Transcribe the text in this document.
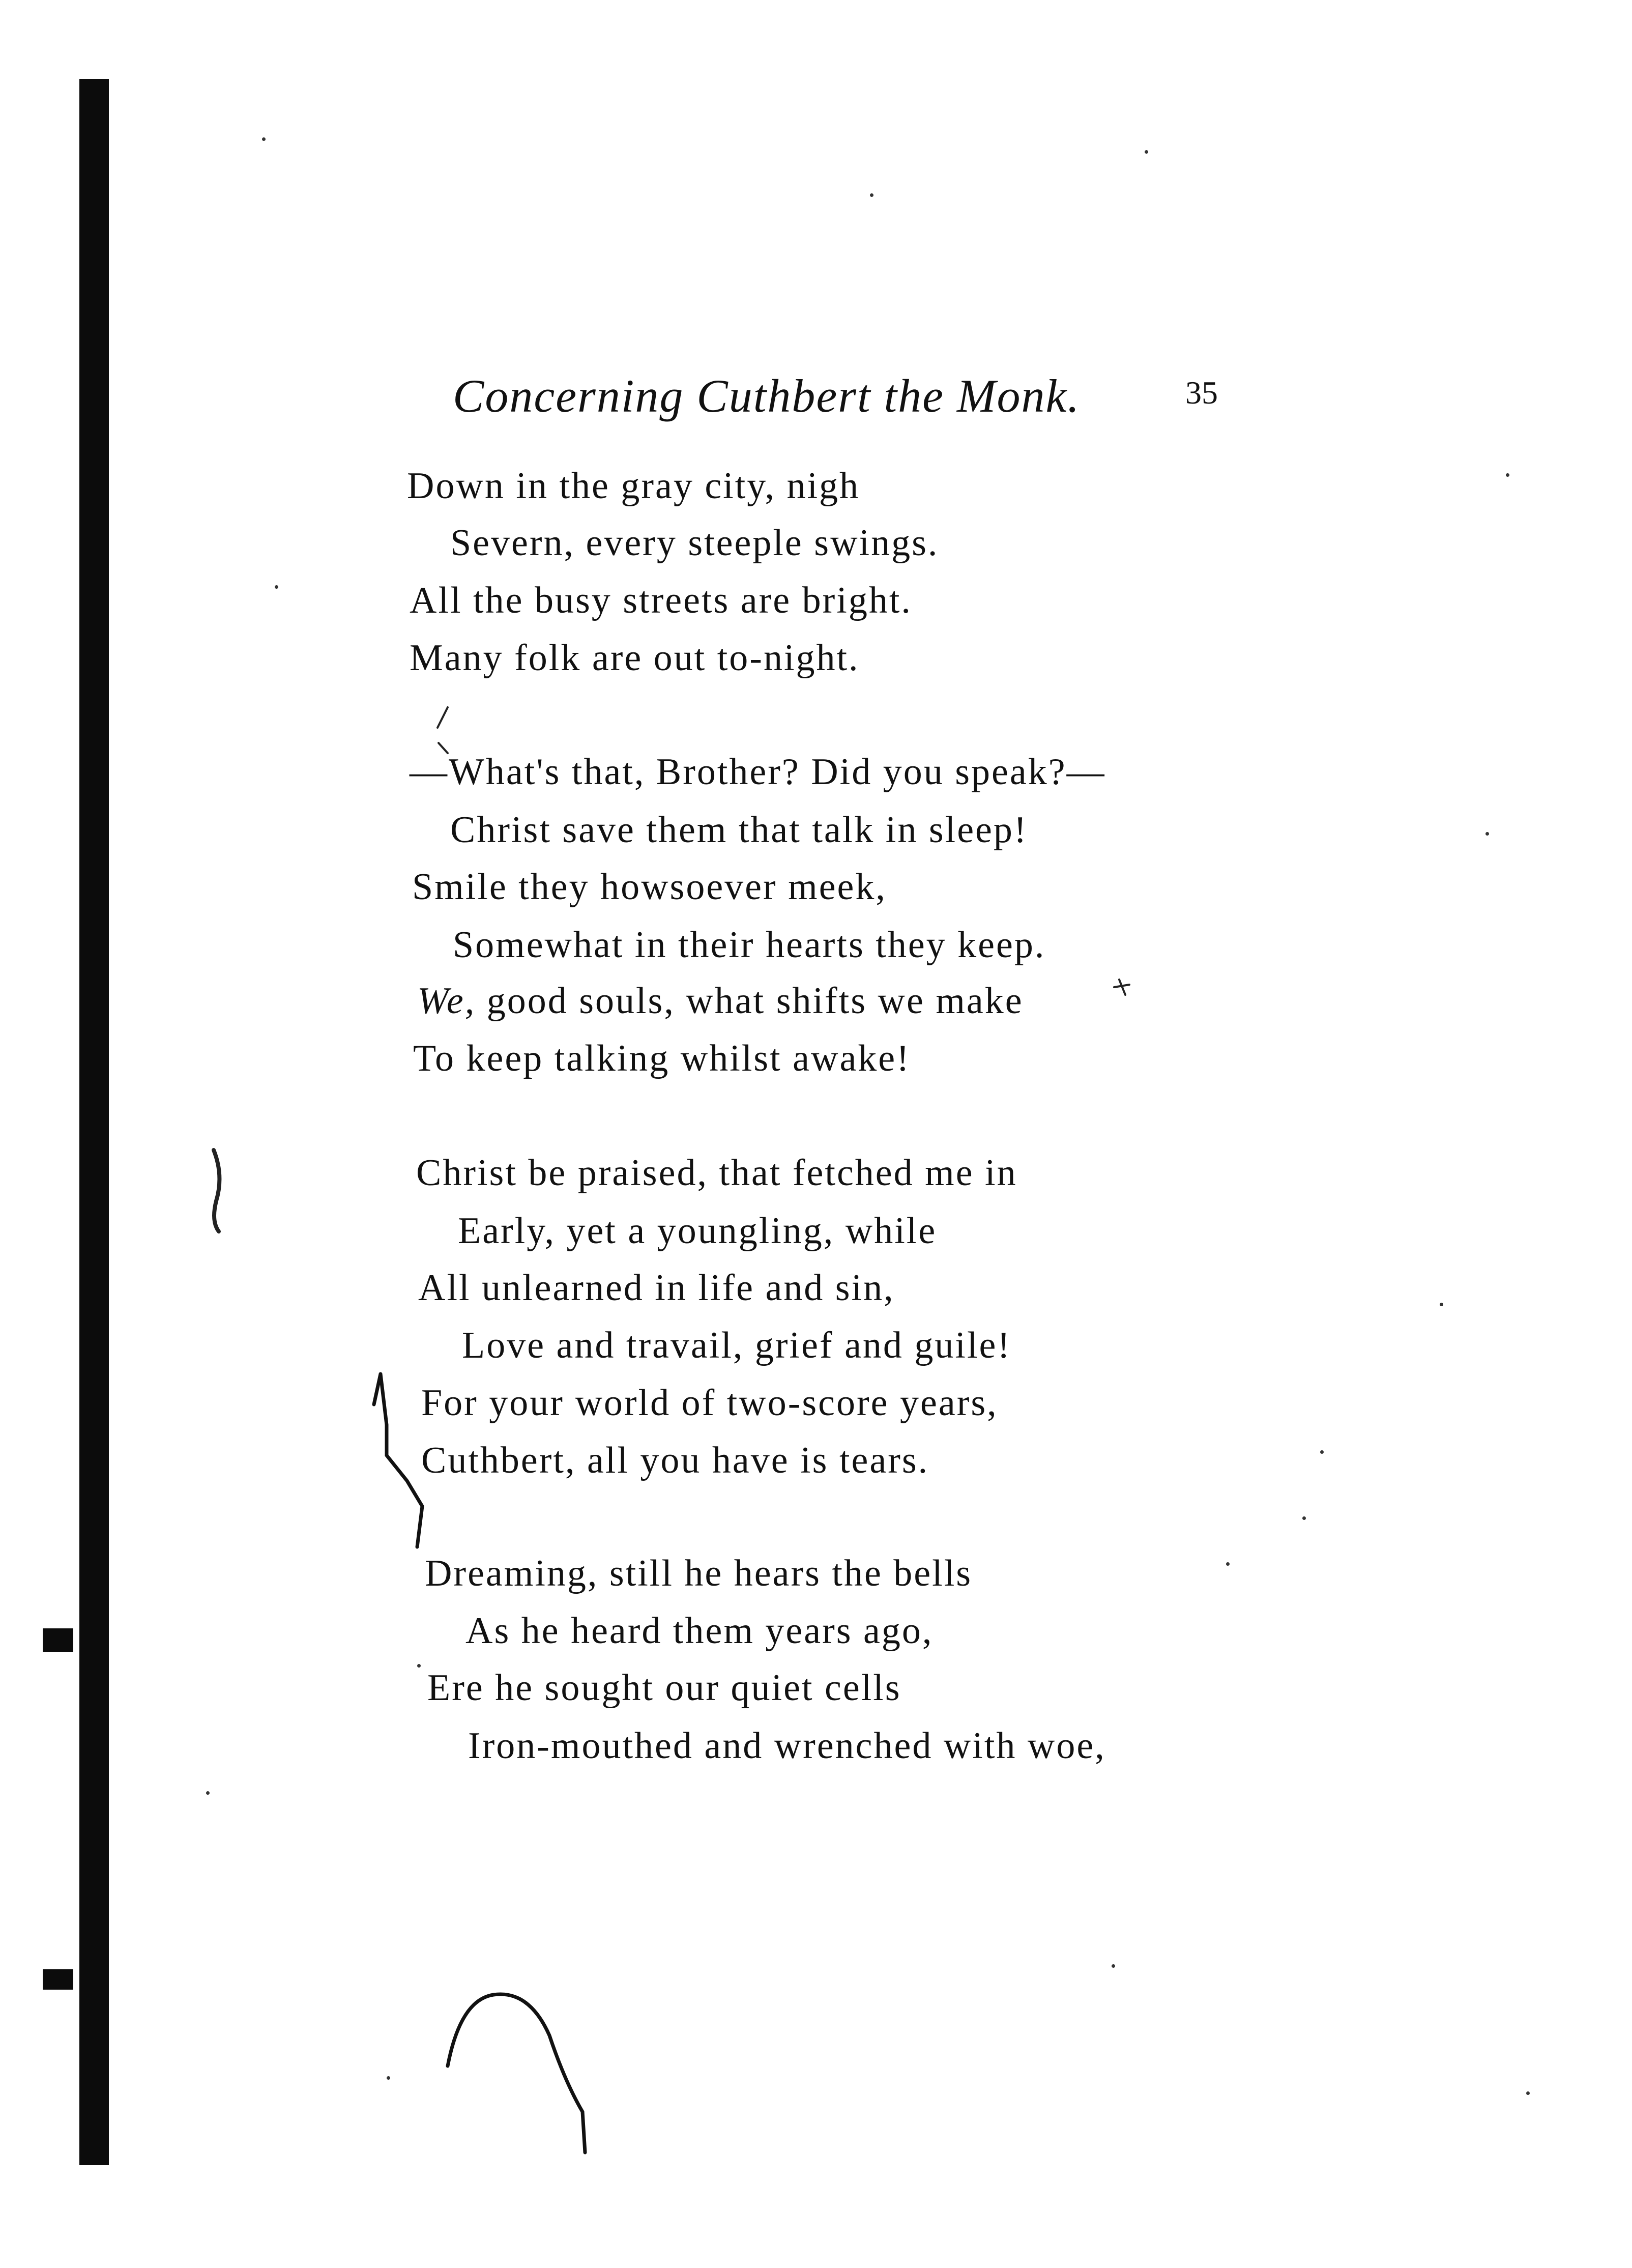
Concerning Cuthbert the Monk.	35
Down in the gray city, nigh
Severn, every steeple swings.
All the busy streets are bright.
Many folk are out to-night.
—What's that, Brother? Did you speak?—
Christ save them that talk in sleep!
Smile they howsoever meek,
Somewhat in their hearts they keep.
We, good souls, what shifts we make
To keep talking whilst awake!
Christ be praised, that fetched me in
Early, yet a youngling, while
All unlearned in life and sin,
Love and travail, grief and guile!
For your world of two-score years,
Cuthbert, all you have is tears.
Dreaming, still he hears the bells
As he heard them years ago,
Ere he sought our quiet cells
Iron-mouthed and wrenched with woe,
